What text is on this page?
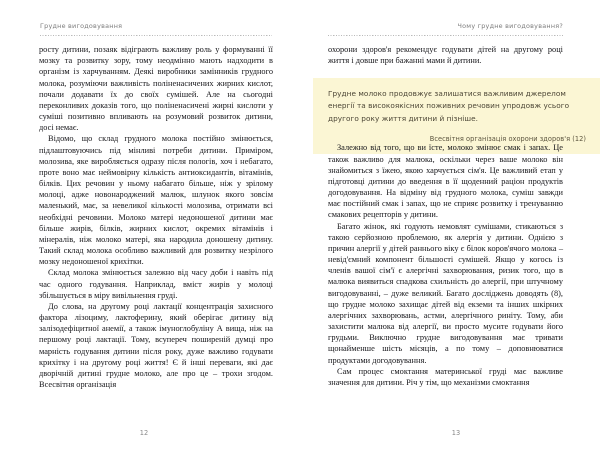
Грудне вигодовування

росту дитини, позаяк відіграють важливу роль у формуванні її мозку та розвитку зору, тому неодмінно мають надходити в організм із харчуванням. Деякі виробники замінників грудного молока, розуміючи важливість поліненасичених жирних кислот, почали додавати їх до своїх сумішей. Але на сьогодні переконливих доказів того, що поліненасичені жирні кислоти у суміші позитивно впливають на розумовий розвиток дитини, досі немає.

Відомо, що склад грудного молока постійно змінюється, підлаштовуючись під мінливі потреби дитини. Приміром, молозива, яке виробляється одразу після пологів, хоч і небагато, проте воно має неймовірну кількість антиоксидантів, вітамінів, білків. Цих речовин у ньому набагато більше, ніж у зрілому молоці, адже новонароджений малюк, шлунок якого зовсім маленький, має, за невеликої кількості молозива, отримати всі необхідні речовини. Молоко матері недоношеної дитини має більше жирів, білків, жирних кислот, окремих вітамінів і мінералів, ніж молоко матері, яка народила доношену дитину. Такий склад молока особливо важливий для розвитку незрілого мозку недоношеної крихітки.

Склад молока змінюється залежно від часу доби і навіть під час одного годування. Наприклад, вміст жирів у молоці збільшується в міру вивільнення груді.

До слова, на другому році лактації концентрація захисного фактора лізоциму, лактоферину, який оберігає дитину від залізодефіцитної анемії, а також імуноглобуліну А вища, ніж на першому році лактації. Тому, всупереч поширеній думці про марність годування дитини після року, дуже важливо годувати крихітку і на другому році життя! Є й інші переваги, які дає дворічній дитині грудне молоко, але про це – трохи згодом. Всесвітня організація

12
Чому грудне вигодовування?

Грудне молоко продовжує залишатися важливим джерелом енергії та високоякісних поживних речовин упродовж усього другого року життя дитини й пізніше.

Всесвітня організація охорони здоров'я (12)

охорони здоров'я рекомендує годувати дітей на другому році життя і довше при бажанні мами й дитини.

Залежно від того, що ви їсте, молоко змінює смак і запах. Це також важливо для малюка, оскільки через ваше молоко він знайомиться з їжею, якою харчується сім'я. Це важливий етап у підготовці дитини до введення в її щоденний раціон продуктів догодовування. На відміну від грудного молока, суміш завжди має постійний смак і запах, що не сприяє розвитку і тренуванню смакових рецепторів у дитини.

Багато жінок, які годують немовлят сумішами, стикаються з такою серйозною проблемою, як алергія у дитини. Однією з причин алергії у дітей раннього віку є білок коров'ячого молока – невід'ємний компонент більшості сумішей. Якщо у когось із членів вашої сім'ї є алергічні захворювання, ризик того, що в малюка виявиться спадкова схильність до алергії, при штучному вигодовуванні, – дуже великий. Багато досліджень доводять (8), що грудне молоко захищає дітей від екземи та інших шкірних алергічних захворювань, астми, алергічного риніту. Тому, аби захистити малюка від алергії, ви просто мусите годувати його грудьми. Виключно грудне вигодовування має тривати щонайменше шість місяців, а по тому – доповнюватися продуктами догодовування.

Сам процес смоктання материнської груді має важливе значення для дитини. Річ у тім, що механізми смоктання

13
